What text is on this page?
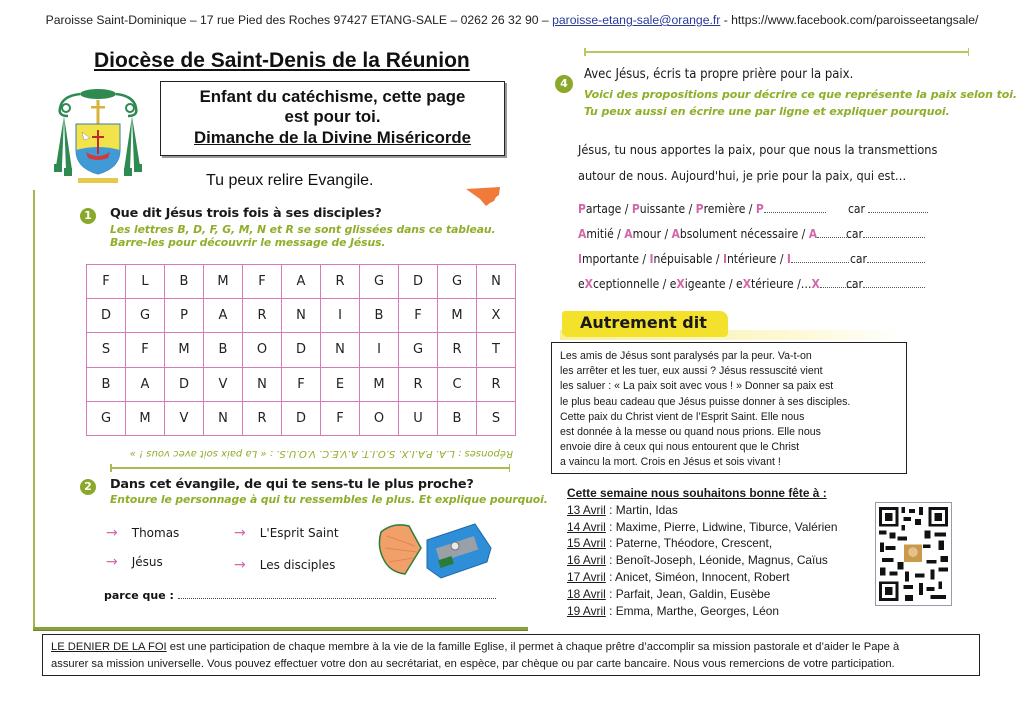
Paroisse Saint-Dominique – 17 rue Pied des Roches 97427 ETANG-SALE – 0262 26 32 90 – paroisse-etang-sale@orange.fr - https://www.facebook.com/paroisseetangsale/
Diocèse de Saint-Denis de la Réunion
Enfant du catéchisme, cette page
est pour toi.
Dimanche de la Divine Miséricorde
Tu peux relire Evangile.
1	Que dit Jésus trois fois à ses disciples?
Les lettres B, D, F, G, M, N et R se sont glissées dans ce tableau.
Barre-les pour découvrir le message de Jésus.
F	L	B	M	F	A	R	G	D	G	N
D	G	P	A	R	N	I	B	F	M	X
S	F	M	B	O	D	N	I	G	R	T
B	A	D	V	N	F	E	M	R	C	R
G	M	V	N	R	D	F	O	U	B	S
Réponses : L.A. P.A.I.X. S.O.I.T. A.V.E.C. V.O.U.S. : « La paix soit avec vous ! »
2	Dans cet évangile, de qui te sens-tu le plus proche?
Entoure le personnage à qui tu ressembles le plus. Et explique pourquoi.
→ Thomas	→ L'Esprit Saint
→ Jésus	→ Les disciples
parce que :
4
Avec Jésus, écris ta propre prière pour la paix.
Voici des propositions pour décrire ce que représente la paix selon toi.
Tu peux aussi en écrire une par ligne et expliquer pourquoi.
Jésus, tu nous apportes la paix, pour que nous la transmettions
autour de nous. Aujourd'hui, je prie pour la paix, qui est…
Partage / Puissante / Première / P	car
Amitié / Amour / Absolument nécessaire / A car
Importante / Inépuisable / Intérieure / I	car
eXceptionnelle / eXigeante / eXtérieure /…X car
Autrement dit
Les amis de Jésus sont paralysés par la peur. Va-t-on
les arrêter et les tuer, eux aussi ? Jésus ressuscité vient
les saluer : « La paix soit avec vous ! » Donner sa paix est
le plus beau cadeau que Jésus puisse donner à ses disciples.
Cette paix du Christ vient de l’Esprit Saint. Elle nous
est donnée à la messe ou quand nous prions. Elle nous
envoie dire à ceux qui nous entourent que le Christ
a vaincu la mort. Crois en Jésus et sois vivant !
Cette semaine nous souhaitons bonne fête à :
13 Avril : Martin, Idas
14 Avril : Maxime, Pierre, Lidwine, Tiburce, Valérien
15 Avril : Paterne, Théodore, Crescent,
16 Avril : Benoît-Joseph, Léonide, Magnus, Caïus
17 Avril : Anicet, Siméon, Innocent, Robert
18 Avril : Parfait, Jean, Galdin, Eusèbe
19 Avril : Emma, Marthe, Georges, Léon
LE DENIER DE LA FOI est une participation de chaque membre à la vie de la famille Eglise, il permet à chaque prêtre d’accomplir sa mission pastorale et d’aider le Pape à
assurer sa mission universelle. Vous pouvez effectuer votre don au secrétariat, en espèce, par chèque ou par carte bancaire. Nous vous remercions de votre participation.
